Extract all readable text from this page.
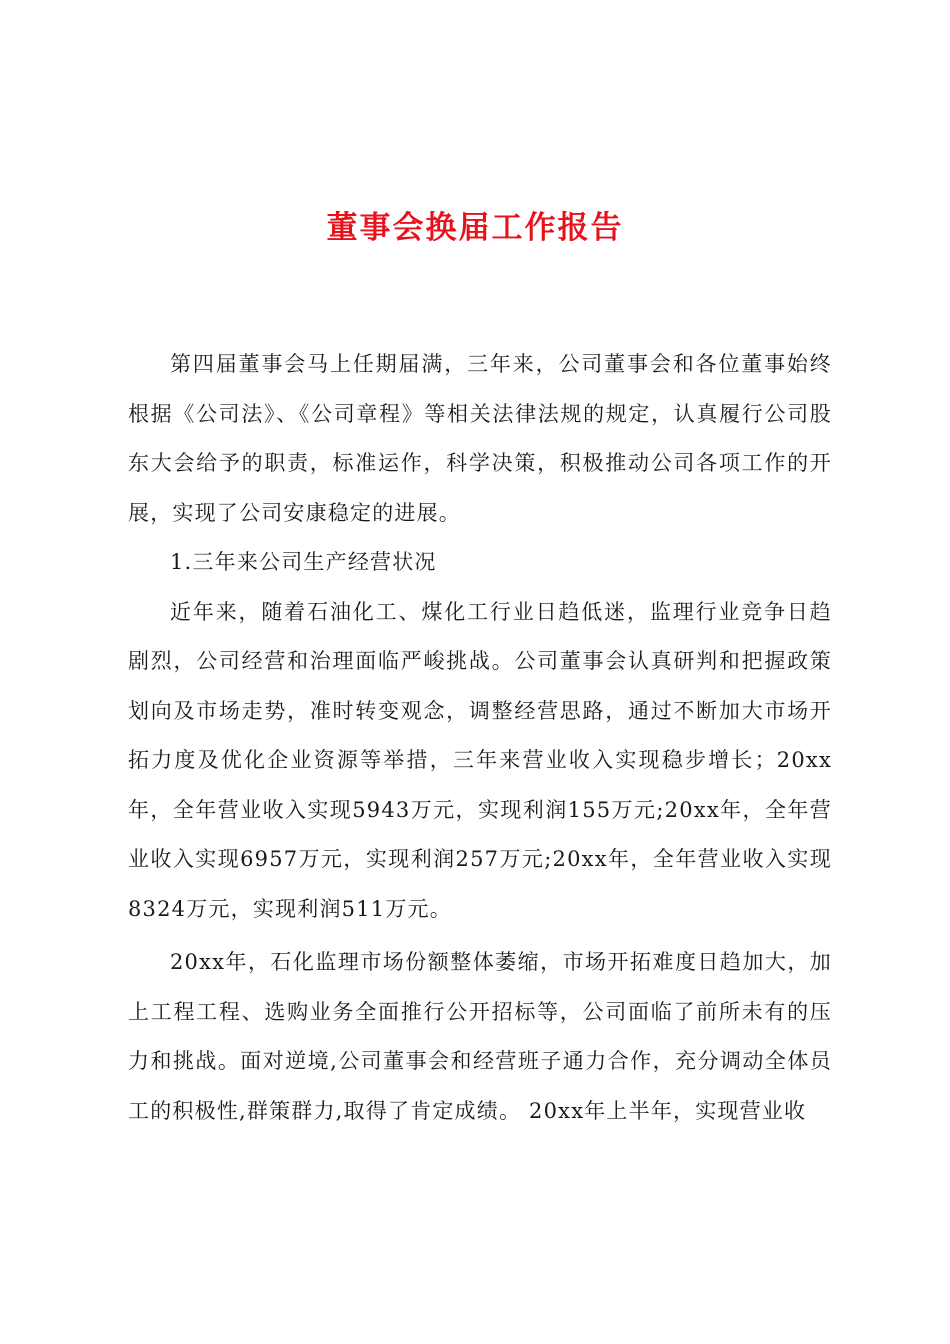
董事会换届工作报告

第四届董事会马上任期届满，三年来，公司董事会和各位董事始终根据《公司法》、《公司章程》等相关法律法规的规定，认真履行公司股东大会给予的职责，标准运作，科学决策，积极推动公司各项工作的开展，实现了公司安康稳定的进展。

1.三年来公司生产经营状况

近年来，随着石油化工、煤化工行业日趋低迷，监理行业竞争日趋剧烈，公司经营和治理面临严峻挑战。公司董事会认真研判和把握政策划向及市场走势，准时转变观念，调整经营思路，通过不断加大市场开拓力度及优化企业资源等举措，三年来营业收入实现稳步增长；20xx年，全年营业收入实现5943万元，实现利润155万元;20xx年，全年营业收入实现6957万元，实现利润257万元;20xx年，全年营业收入实现8324万元，实现利润511万元。

20xx年，石化监理市场份额整体萎缩，市场开拓难度日趋加大，加上工程工程、选购业务全面推行公开招标等，公司面临了前所未有的压力和挑战。面对逆境,公司董事会和经营班子通力合作，充分调动全体员工的积极性,群策群力,取得了肯定成绩。 20xx年上半年，实现营业收
